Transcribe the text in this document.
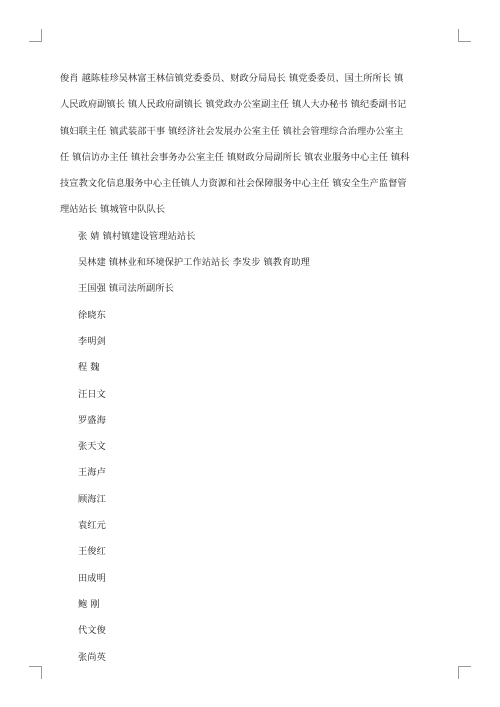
俊肖 越陈桂珍吴林富王林信镇党委委员、财政分局局长 镇党委委员、国土所所长 镇
人民政府副镇长 镇人民政府副镇长 镇党政办公室副主任 镇人大办秘书 镇纪委副书记
镇妇联主任 镇武装部干事 镇经济社会发展办公室主任 镇社会管理综合治理办公室主
任 镇信访办主任 镇社会事务办公室主任 镇财政分局副所长 镇农业服务中心主任 镇科
技宣教文化信息服务中心主任镇人力资源和社会保障服务中心主任 镇安全生产监督管
理站站长 镇城管中队队长
张 婧 镇村镇建设管理站站长
吴林建 镇林业和环境保护工作站站长 李发步 镇教育助理
王国强 镇司法所副所长
徐晓东
李明剑
程 魏
汪日文
罗盛海
张天文
王海卢
顾海江
袁红元
王俊红
田成明
鲍 刚
代文俊
张尚英
